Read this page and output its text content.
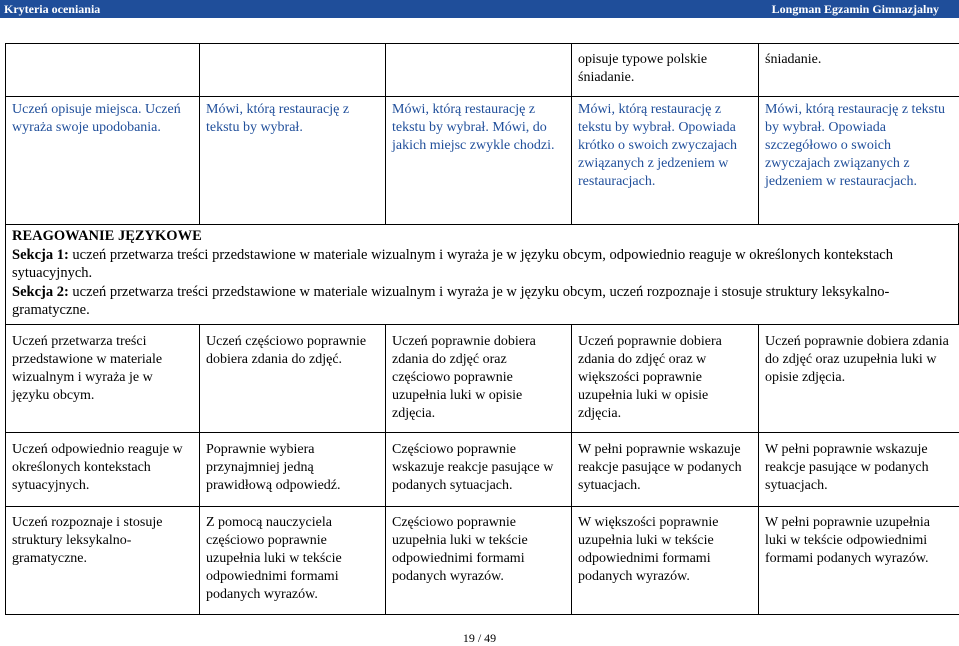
Kryteria oceniania	Longman Egzamin Gimnazjalny
opisuje typowe polskie śniadanie.
śniadanie.
Uczeń opisuje miejsca. Uczeń wyraża swoje upodobania.
Mówi, którą restaurację z tekstu by wybrał.
Mówi, którą restaurację z tekstu by wybrał. Mówi, do jakich miejsc zwykle chodzi.
Mówi, którą restaurację z tekstu by wybrał. Opowiada krótko o swoich zwyczajach związanych z jedzeniem w restauracjach.
Mówi, którą restaurację z tekstu by wybrał. Opowiada szczegółowo o swoich zwyczajach związanych z jedzeniem w restauracjach.
REAGOWANIE JĘZYKOWE
Sekcja 1: uczeń przetwarza treści przedstawione w materiale wizualnym i wyraża je w języku obcym, odpowiednio reaguje w określonych kontekstach sytuacyjnych.
Sekcja 2: uczeń przetwarza treści przedstawione w materiale wizualnym i wyraża je w języku obcym, uczeń rozpoznaje i stosuje struktury leksykalno-gramatyczne.
Uczeń przetwarza treści przedstawione w materiale wizualnym i wyraża je w języku obcym.
Uczeń częściowo poprawnie dobiera zdania do zdjęć.
Uczeń poprawnie dobiera zdania do zdjęć oraz częściowo poprawnie uzupełnia luki w opisie zdjęcia.
Uczeń poprawnie dobiera zdania do zdjęć oraz w większości poprawnie uzupełnia luki w opisie zdjęcia.
Uczeń poprawnie dobiera zdania do zdjęć oraz uzupełnia luki w opisie zdjęcia.
Uczeń odpowiednio reaguje w określonych kontekstach sytuacyjnych.
Poprawnie wybiera przynajmniej jedną prawidłową odpowiedź.
Częściowo poprawnie wskazuje reakcje pasujące w podanych sytuacjach.
W pełni poprawnie wskazuje reakcje pasujące w podanych sytuacjach.
W pełni poprawnie wskazuje reakcje pasujące w podanych sytuacjach.
Uczeń rozpoznaje i stosuje struktury leksykalno-gramatyczne.
Z pomocą nauczyciela częściowo poprawnie uzupełnia luki w tekście odpowiednimi formami podanych wyrazów.
Częściowo poprawnie uzupełnia luki w tekście odpowiednimi formami podanych wyrazów.
W większości poprawnie uzupełnia luki w tekście odpowiednimi formami podanych wyrazów.
W pełni poprawnie uzupełnia luki w tekście odpowiednimi formami podanych wyrazów.
19 / 49
